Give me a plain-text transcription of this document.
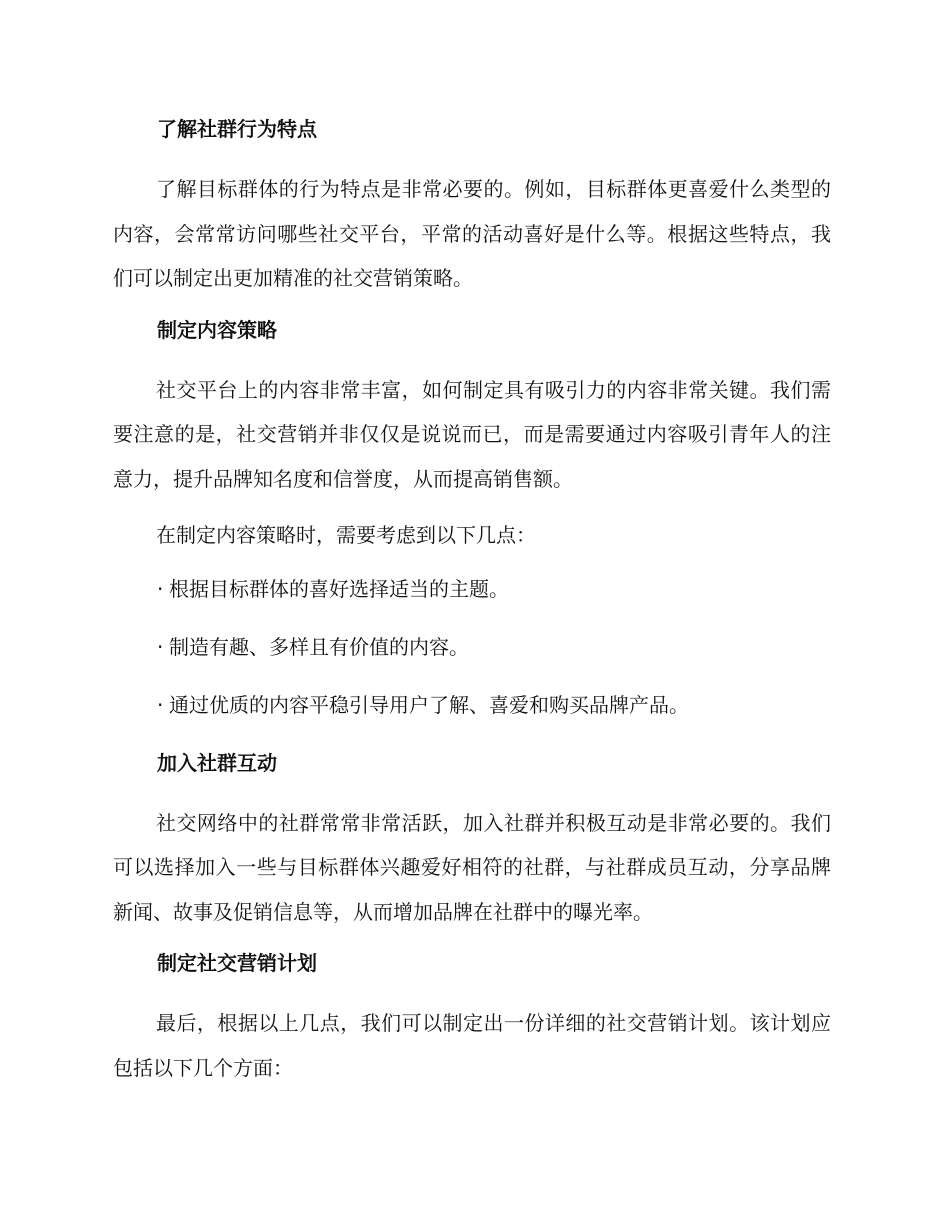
了解社群行为特点

了解目标群体的行为特点是非常必要的。例如，目标群体更喜爱什么类型的内容，会常常访问哪些社交平台，平常的活动喜好是什么等。根据这些特点，我们可以制定出更加精准的社交营销策略。

制定内容策略

社交平台上的内容非常丰富，如何制定具有吸引力的内容非常关键。我们需要注意的是，社交营销并非仅仅是说说而已，而是需要通过内容吸引青年人的注意力，提升品牌知名度和信誉度，从而提高销售额。

在制定内容策略时，需要考虑到以下几点：

· 根据目标群体的喜好选择适当的主题。
· 制造有趣、多样且有价值的内容。
· 通过优质的内容平稳引导用户了解、喜爱和购买品牌产品。
加入社群互动

社交网络中的社群常常非常活跃，加入社群并积极互动是非常必要的。我们可以选择加入一些与目标群体兴趣爱好相符的社群，与社群成员互动，分享品牌新闻、故事及促销信息等，从而增加品牌在社群中的曝光率。

制定社交营销计划

最后，根据以上几点，我们可以制定出一份详细的社交营销计划。该计划应包括以下几个方面：
